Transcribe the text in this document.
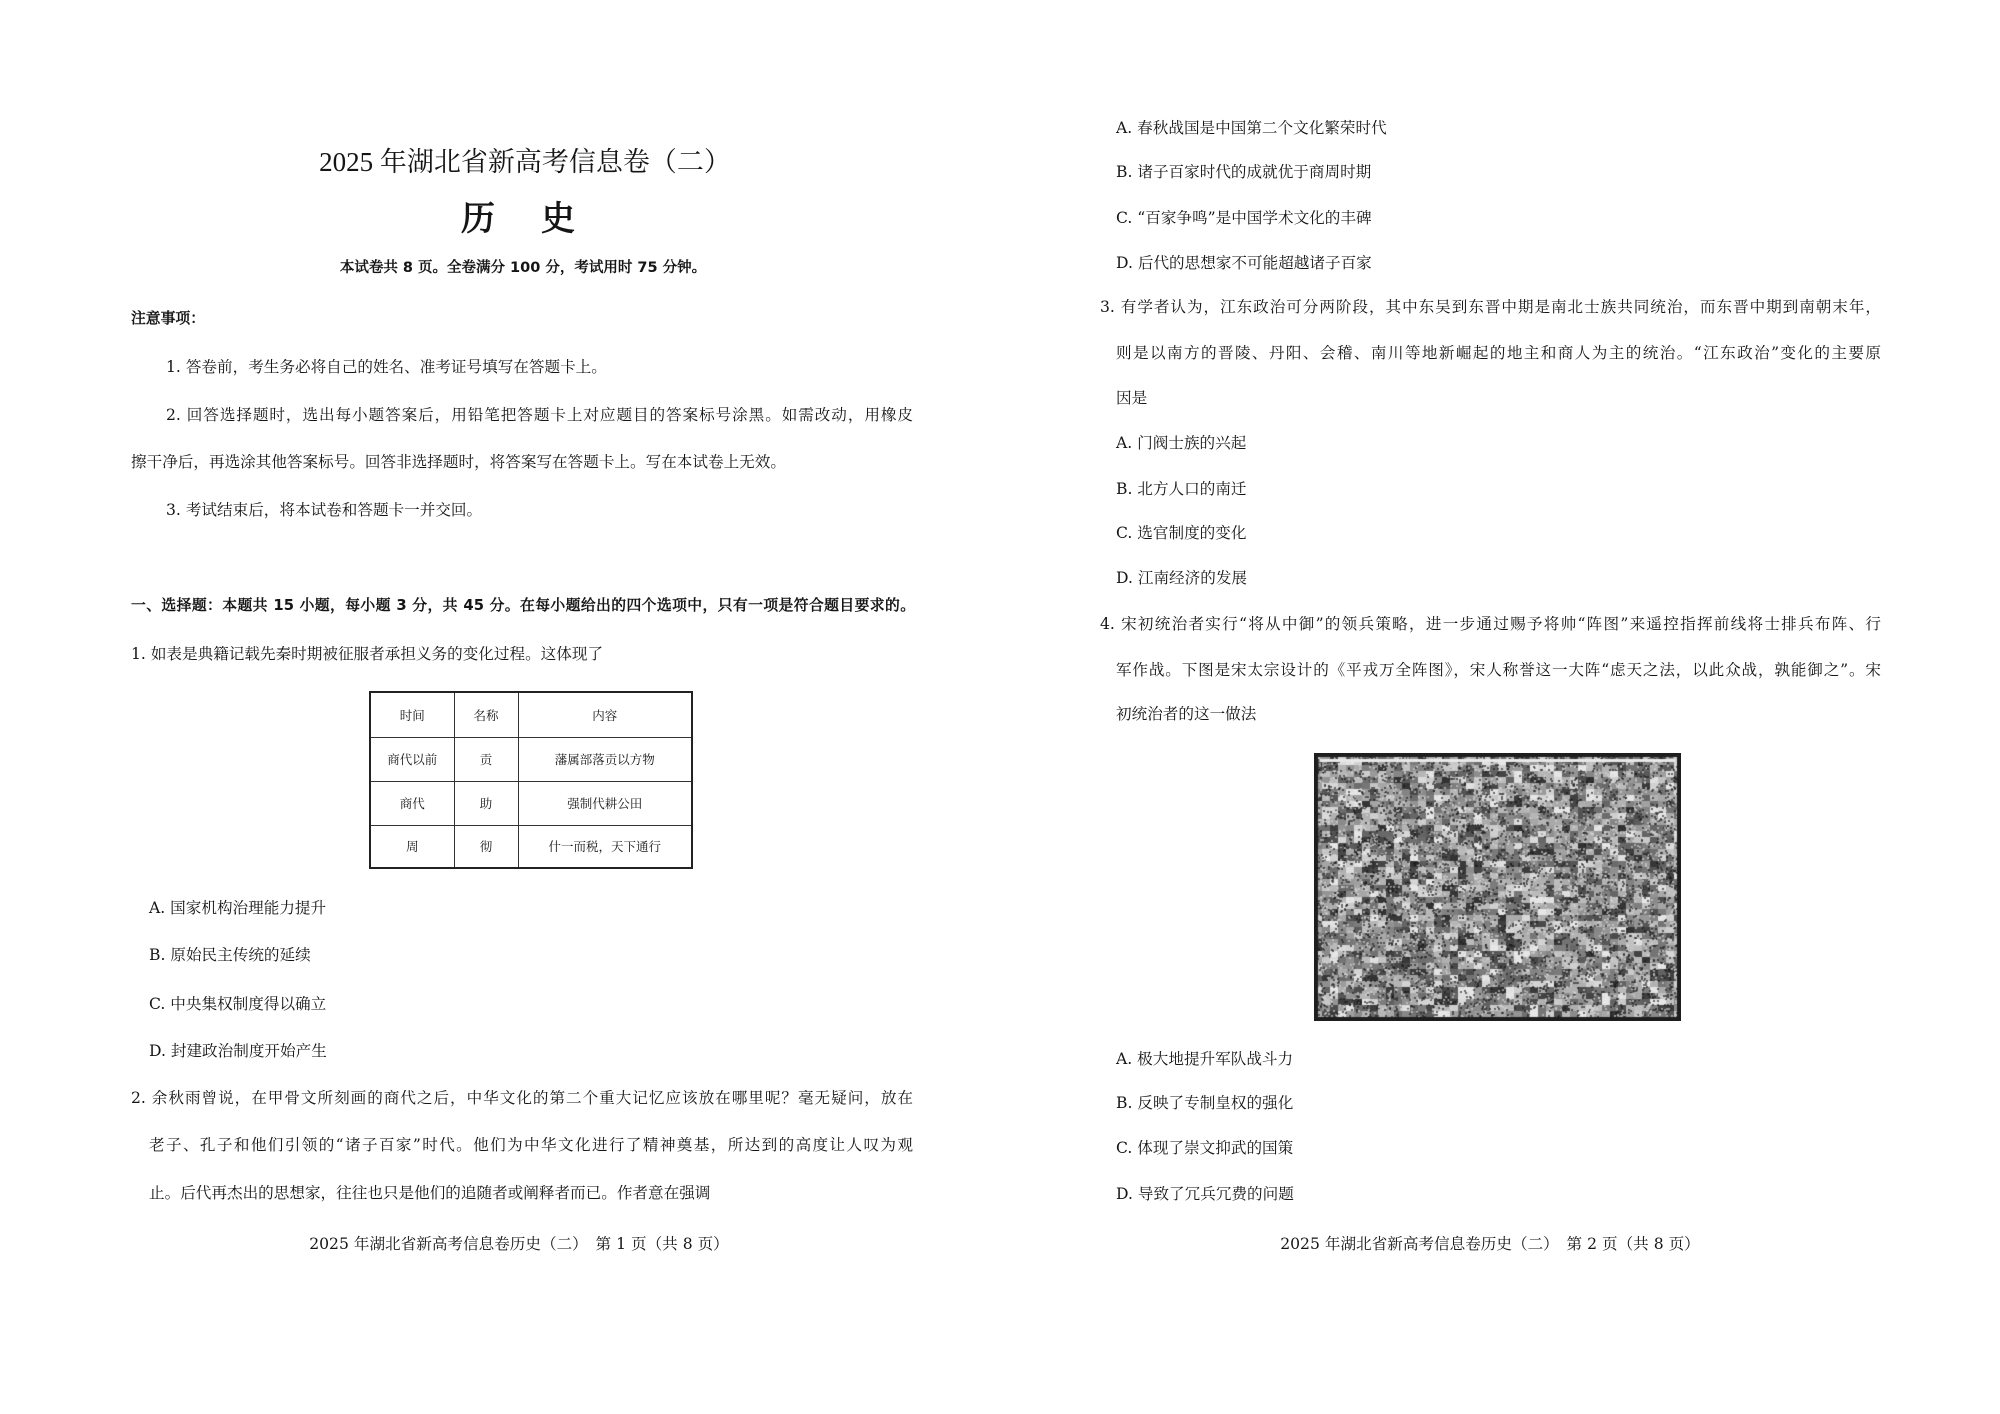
2025 年湖北省新高考信息卷（二）
历　史
本试卷共 8 页。全卷满分 100 分，考试用时 75 分钟。
注意事项：
1. 答卷前，考生务必将自己的姓名、准考证号填写在答题卡上。
2. 回答选择题时，选出每小题答案后，用铅笔把答题卡上对应题目的答案标号涂黑。如需改动，用橡皮
擦干净后，再选涂其他答案标号。回答非选择题时，将答案写在答题卡上。写在本试卷上无效。
3. 考试结束后，将本试卷和答题卡一并交回。
一、选择题：本题共 15 小题，每小题 3 分，共 45 分。在每小题给出的四个选项中，只有一项是符合题目要求的。
1. 如表是典籍记载先秦时期被征服者承担义务的变化过程。这体现了
时间	名称	内容
商代以前	贡	藩属部落贡以方物
商代	助	强制代耕公田
周	彻	什一而税，天下通行
A. 国家机构治理能力提升
B. 原始民主传统的延续
C. 中央集权制度得以确立
D. 封建政治制度开始产生
2. 余秋雨曾说，在甲骨文所刻画的商代之后，中华文化的第二个重大记忆应该放在哪里呢？毫无疑问，放在
老子、孔子和他们引领的“诸子百家”时代。他们为中华文化进行了精神奠基，所达到的高度让人叹为观
止。后代再杰出的思想家，往往也只是他们的追随者或阐释者而已。作者意在强调
2025 年湖北省新高考信息卷历史（二）　第 1 页（共 8 页）
A. 春秋战国是中国第二个文化繁荣时代
B. 诸子百家时代的成就优于商周时期
C. “百家争鸣”是中国学术文化的丰碑
D. 后代的思想家不可能超越诸子百家
3. 有学者认为，江东政治可分两阶段，其中东吴到东晋中期是南北士族共同统治，而东晋中期到南朝末年，
则是以南方的晋陵、丹阳、会稽、南川等地新崛起的地主和商人为主的统治。“江东政治”变化的主要原
因是
A. 门阀士族的兴起
B. 北方人口的南迁
C. 选官制度的变化
D. 江南经济的发展
4. 宋初统治者实行“将从中御”的领兵策略，进一步通过赐予将帅“阵图”来遥控指挥前线将士排兵布阵、行
军作战。下图是宋太宗设计的《平戎万全阵图》，宋人称誉这一大阵“虑天之法，以此众战，孰能御之”。宋
初统治者的这一做法
A. 极大地提升军队战斗力
B. 反映了专制皇权的强化
C. 体现了崇文抑武的国策
D. 导致了冗兵冗费的问题
2025 年湖北省新高考信息卷历史（二）　第 2 页（共 8 页）
